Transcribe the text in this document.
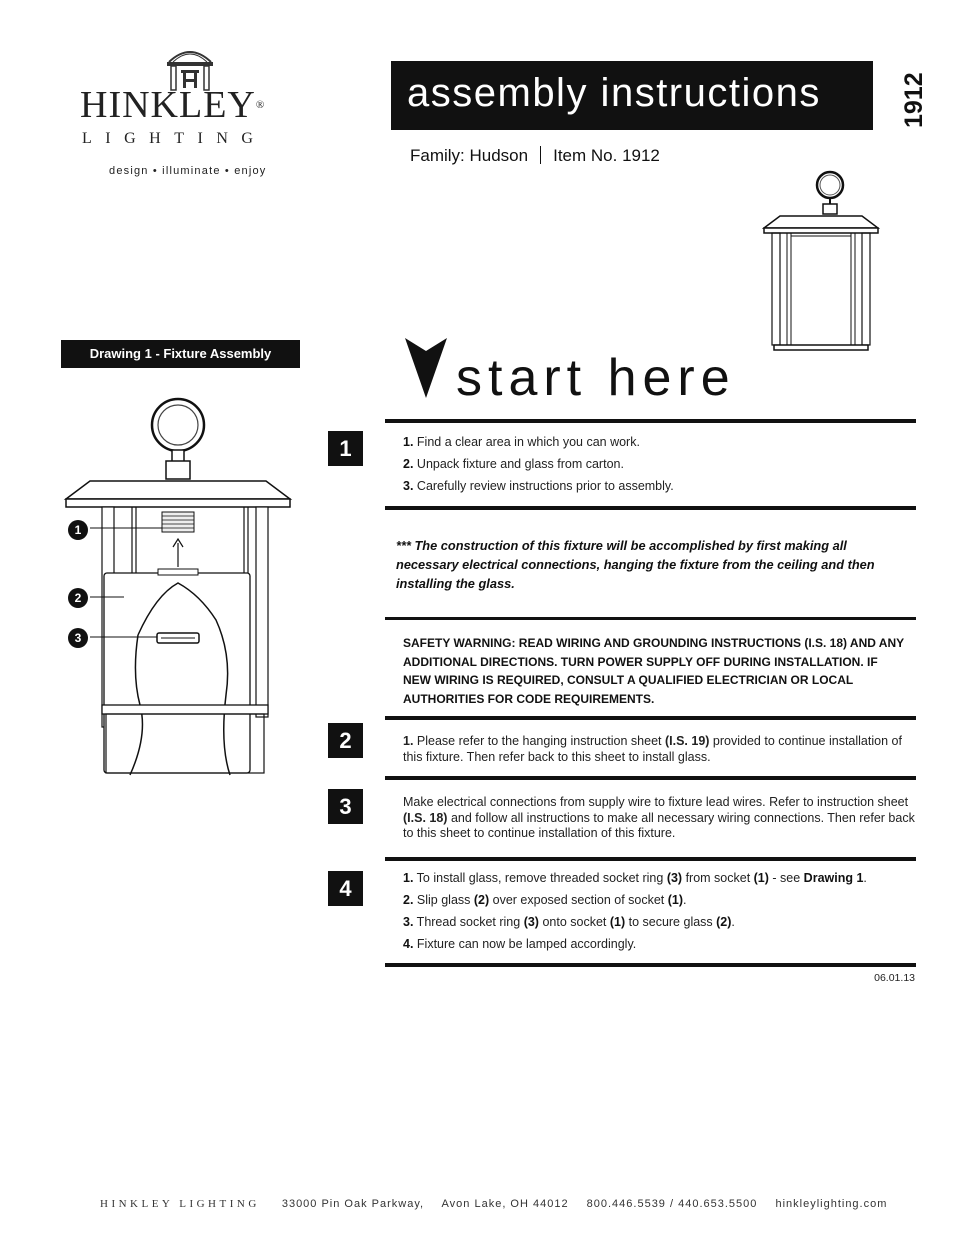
HINKLEY®
LIGHTING
design • illuminate • enjoy
assembly instructions	1912
Family: Hudson Item No. 1912
Drawing 1 - Fixture Assembly	start here
1
2
3
1	1. Find a clear area in which you can work.
2. Unpack fixture and glass from carton.
3. Carefully review instructions prior to assembly.
*** The construction of this fixture will be accomplished by first making all necessary electrical connections, hanging the fixture from the ceiling and then installing the glass.
SAFETY WARNING: READ WIRING AND GROUNDING INSTRUCTIONS (I.S. 18) AND ANY ADDITIONAL DIRECTIONS. TURN POWER SUPPLY OFF DURING INSTALLATION. IF NEW WIRING IS REQUIRED, CONSULT A QUALIFIED ELECTRICIAN OR LOCAL AUTHORITIES FOR CODE REQUIREMENTS.
2	1. Please refer to the hanging instruction sheet (I.S. 19) provided to continue installation of this fixture. Then refer back to this sheet to install glass.
3	Make electrical connections from supply wire to fixture lead wires. Refer to instruction sheet (I.S. 18) and follow all instructions to make all necessary wiring connections. Then refer back to this sheet to continue installation of this fixture.
4	1. To install glass, remove threaded socket ring (3) from socket (1) - see Drawing 1.
2. Slip glass (2) over exposed section of socket (1).
3. Thread socket ring (3) onto socket (1) to secure glass (2).
4. Fixture can now be lamped accordingly.
06.01.13
HINKLEY LIGHTING 33000 Pin Oak Parkway, Avon Lake, OH 44012 800.446.5539 / 440.653.5500 hinkleylighting.com
